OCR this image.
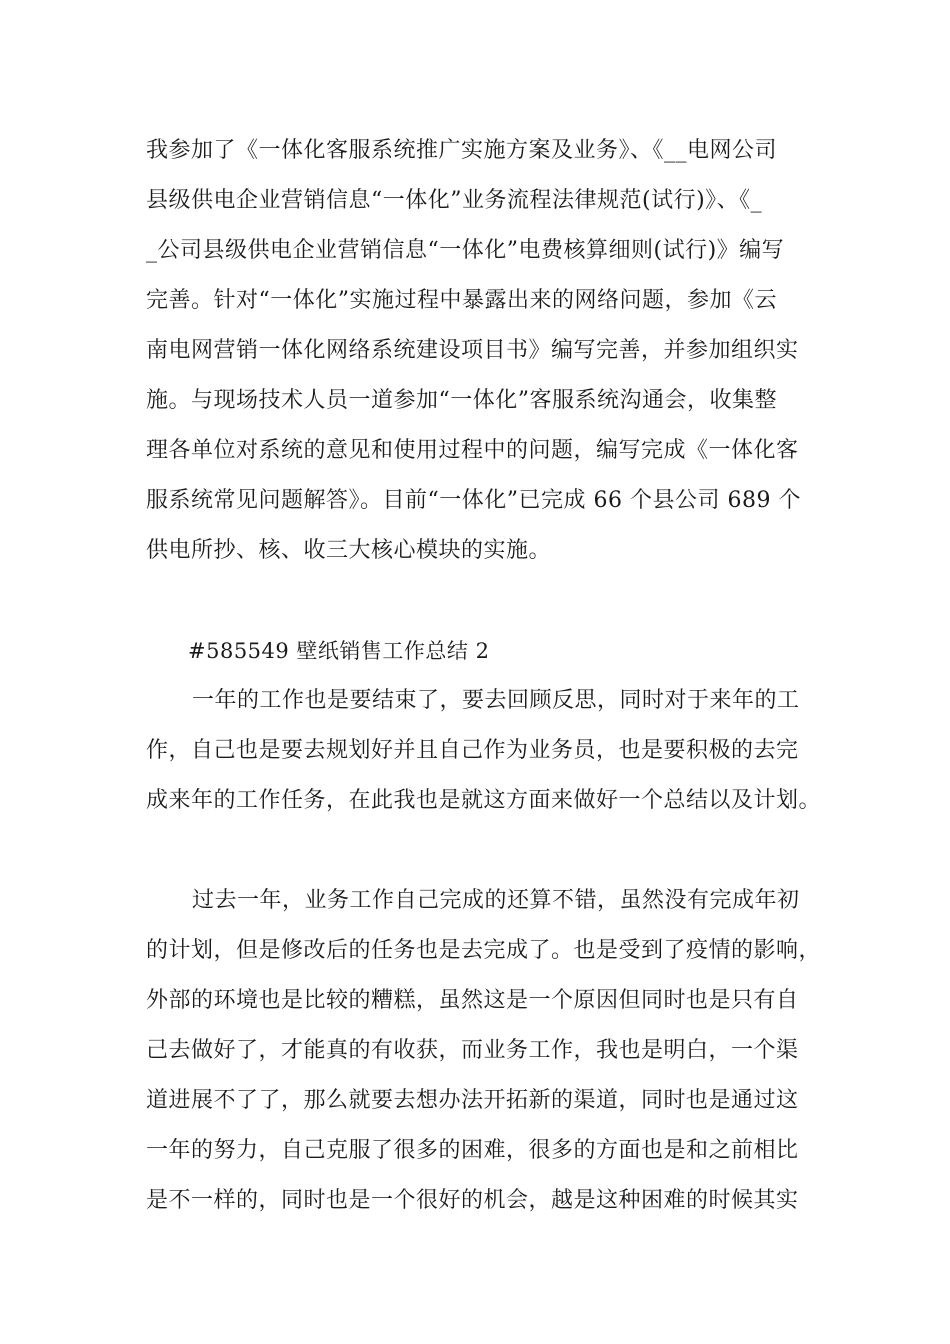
我参加了《一体化客服系统推广实施方案及业务》、《__电网公司
县级供电企业营销信息“一体化”业务流程法律规范(试行)》、《_
_公司县级供电企业营销信息“一体化”电费核算细则(试行)》编写
完善。针对“一体化”实施过程中暴露出来的网络问题，参加《云
南电网营销一体化网络系统建设项目书》编写完善，并参加组织实
施。与现场技术人员一道参加“一体化”客服系统沟通会，收集整
理各单位对系统的意见和使用过程中的问题，编写完成《一体化客
服系统常见问题解答》。目前“一体化”已完成 66 个县公司 689 个
供电所抄、核、收三大核心模块的实施。
#585549 壁纸销售工作总结 2
一年的工作也是要结束了，要去回顾反思，同时对于来年的工
作，自己也是要去规划好并且自己作为业务员，也是要积极的去完
成来年的工作任务，在此我也是就这方面来做好一个总结以及计划。
过去一年，业务工作自己完成的还算不错，虽然没有完成年初
的计划，但是修改后的任务也是去完成了。也是受到了疫情的影响，
外部的环境也是比较的糟糕，虽然这是一个原因但同时也是只有自
己去做好了，才能真的有收获，而业务工作，我也是明白，一个渠
道进展不了了，那么就要去想办法开拓新的渠道，同时也是通过这
一年的努力，自己克服了很多的困难，很多的方面也是和之前相比
是不一样的，同时也是一个很好的机会，越是这种困难的时候其实
